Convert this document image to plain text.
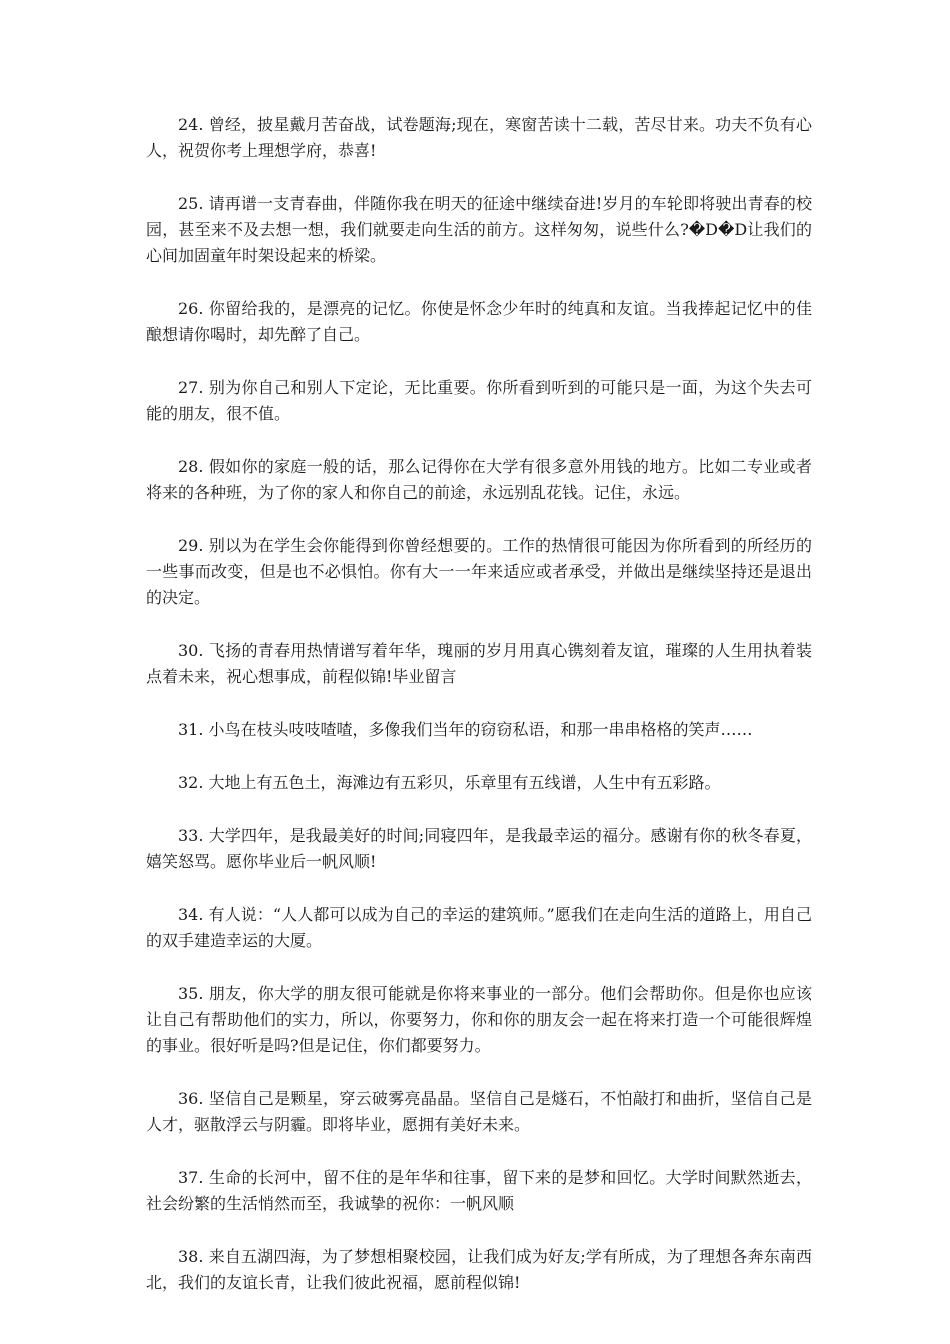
24. 曾经，披星戴月苦奋战，试卷题海;现在，寒窗苦读十二载，苦尽甘来。功夫不负有心人，祝贺你考上理想学府，恭喜!

25. 请再谱一支青春曲，伴随你我在明天的征途中继续奋进!岁月的车轮即将驶出青春的校园，甚至来不及去想一想，我们就要走向生活的前方。这样匆匆，说些什么?�D�D让我们的心间加固童年时架设起来的桥梁。

26. 你留给我的，是漂亮的记忆。你使是怀念少年时的纯真和友谊。当我捧起记忆中的佳酿想请你喝时，却先醉了自己。

27. 别为你自己和别人下定论，无比重要。你所看到听到的可能只是一面，为这个失去可能的朋友，很不值。

28. 假如你的家庭一般的话，那么记得你在大学有很多意外用钱的地方。比如二专业或者将来的各种班，为了你的家人和你自己的前途，永远别乱花钱。记住，永远。

29. 别以为在学生会你能得到你曾经想要的。工作的热情很可能因为你所看到的所经历的一些事而改变，但是也不必惧怕。你有大一一年来适应或者承受，并做出是继续坚持还是退出的决定。

30. 飞扬的青春用热情谱写着年华，瑰丽的岁月用真心镌刻着友谊，璀璨的人生用执着装点着未来，祝心想事成，前程似锦!毕业留言

31. 小鸟在枝头吱吱喳喳，多像我们当年的窃窃私语，和那一串串格格的笑声……

32. 大地上有五色土，海滩边有五彩贝，乐章里有五线谱，人生中有五彩路。

33. 大学四年，是我最美好的时间;同寝四年，是我最幸运的福分。感谢有你的秋冬春夏，嬉笑怒骂。愿你毕业后一帆风顺!

34. 有人说：“人人都可以成为自己的幸运的建筑师。”愿我们在走向生活的道路上，用自己的双手建造幸运的大厦。

35. 朋友，你大学的朋友很可能就是你将来事业的一部分。他们会帮助你。但是你也应该让自己有帮助他们的实力，所以，你要努力，你和你的朋友会一起在将来打造一个可能很辉煌的事业。很好听是吗?但是记住，你们都要努力。

36. 坚信自己是颗星，穿云破雾亮晶晶。坚信自己是燧石，不怕敲打和曲折，坚信自己是人才，驱散浮云与阴霾。即将毕业，愿拥有美好未来。

37. 生命的长河中，留不住的是年华和往事，留下来的是梦和回忆。大学时间默然逝去，社会纷繁的生活悄然而至，我诚挚的祝你：一帆风顺

38. 来自五湖四海，为了梦想相聚校园，让我们成为好友;学有所成，为了理想各奔东南西北，我们的友谊长青，让我们彼此祝福，愿前程似锦!
